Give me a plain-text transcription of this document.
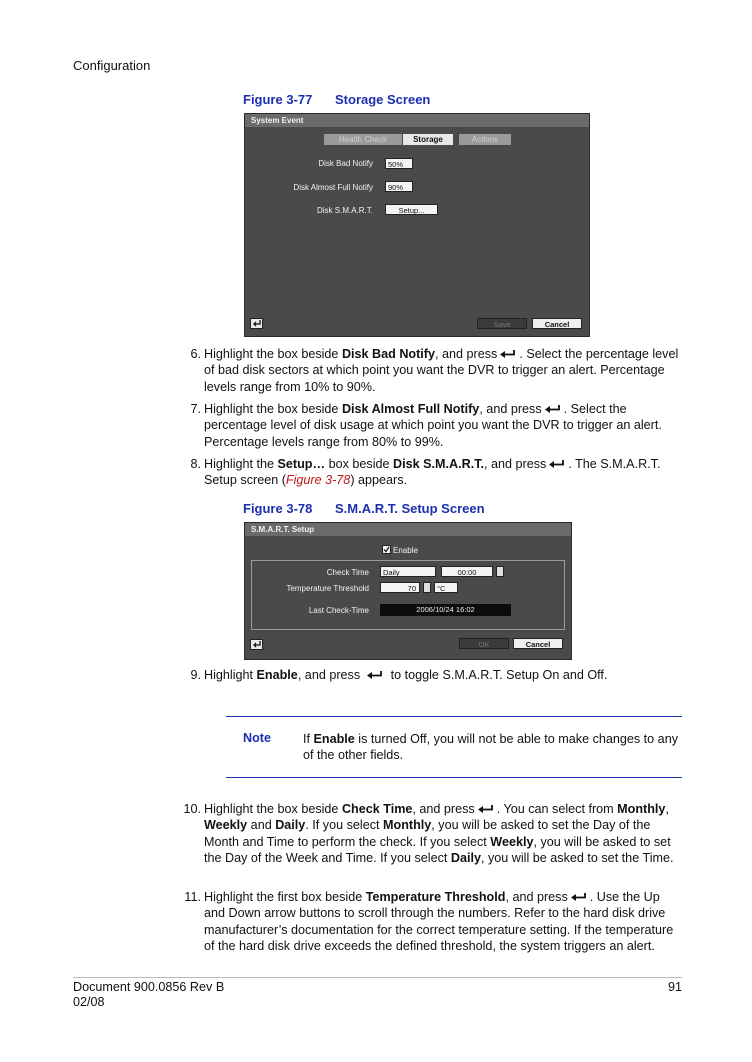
Configuration
Figure 3-77 Storage Screen
System Event
Health Check	Storage	Actions
Disk Bad Notify	50%
Disk Almost Full Notify	90%
Disk S.M.A.R.T.	Setup...
Save	Cancel
6. Highlight the box beside Disk Bad Notify, and press . Select the percentage level of bad disk sectors at which point you want the DVR to trigger an alert. Percentage levels range from 10% to 90%.
7. Highlight the box beside Disk Almost Full Notify, and press . Select the percentage level of disk usage at which point you want the DVR to trigger an alert. Percentage levels range from 80% to 99%.
8. Highlight the Setup… box beside Disk S.M.A.R.T., and press . The S.M.A.R.T. Setup screen (Figure 3-78) appears.
Figure 3-78 S.M.A.R.T. Setup Screen
S.M.A.R.T. Setup
Enable
Check Time	Daily	00:00
Temperature Threshold	70	°C
Last Check-Time	2006/10/24 16:02
OK	Cancel
9. Highlight Enable, and press to toggle S.M.A.R.T. Setup On and Off.
Note	If Enable is turned Off, you will not be able to make changes to any of the other fields.
10. Highlight the box beside Check Time, and press . You can select from Monthly, Weekly and Daily. If you select Monthly, you will be asked to set the Day of the Month and Time to perform the check. If you select Weekly, you will be asked to set the Day of the Week and Time. If you select Daily, you will be asked to set the Time.
11. Highlight the first box beside Temperature Threshold, and press . Use the Up and Down arrow buttons to scroll through the numbers. Refer to the hard disk drive manufacturer’s documentation for the correct temperature setting. If the temperature of the hard disk drive exceeds the defined threshold, the system triggers an alert.
Document 900.0856 Rev B
02/08
91
